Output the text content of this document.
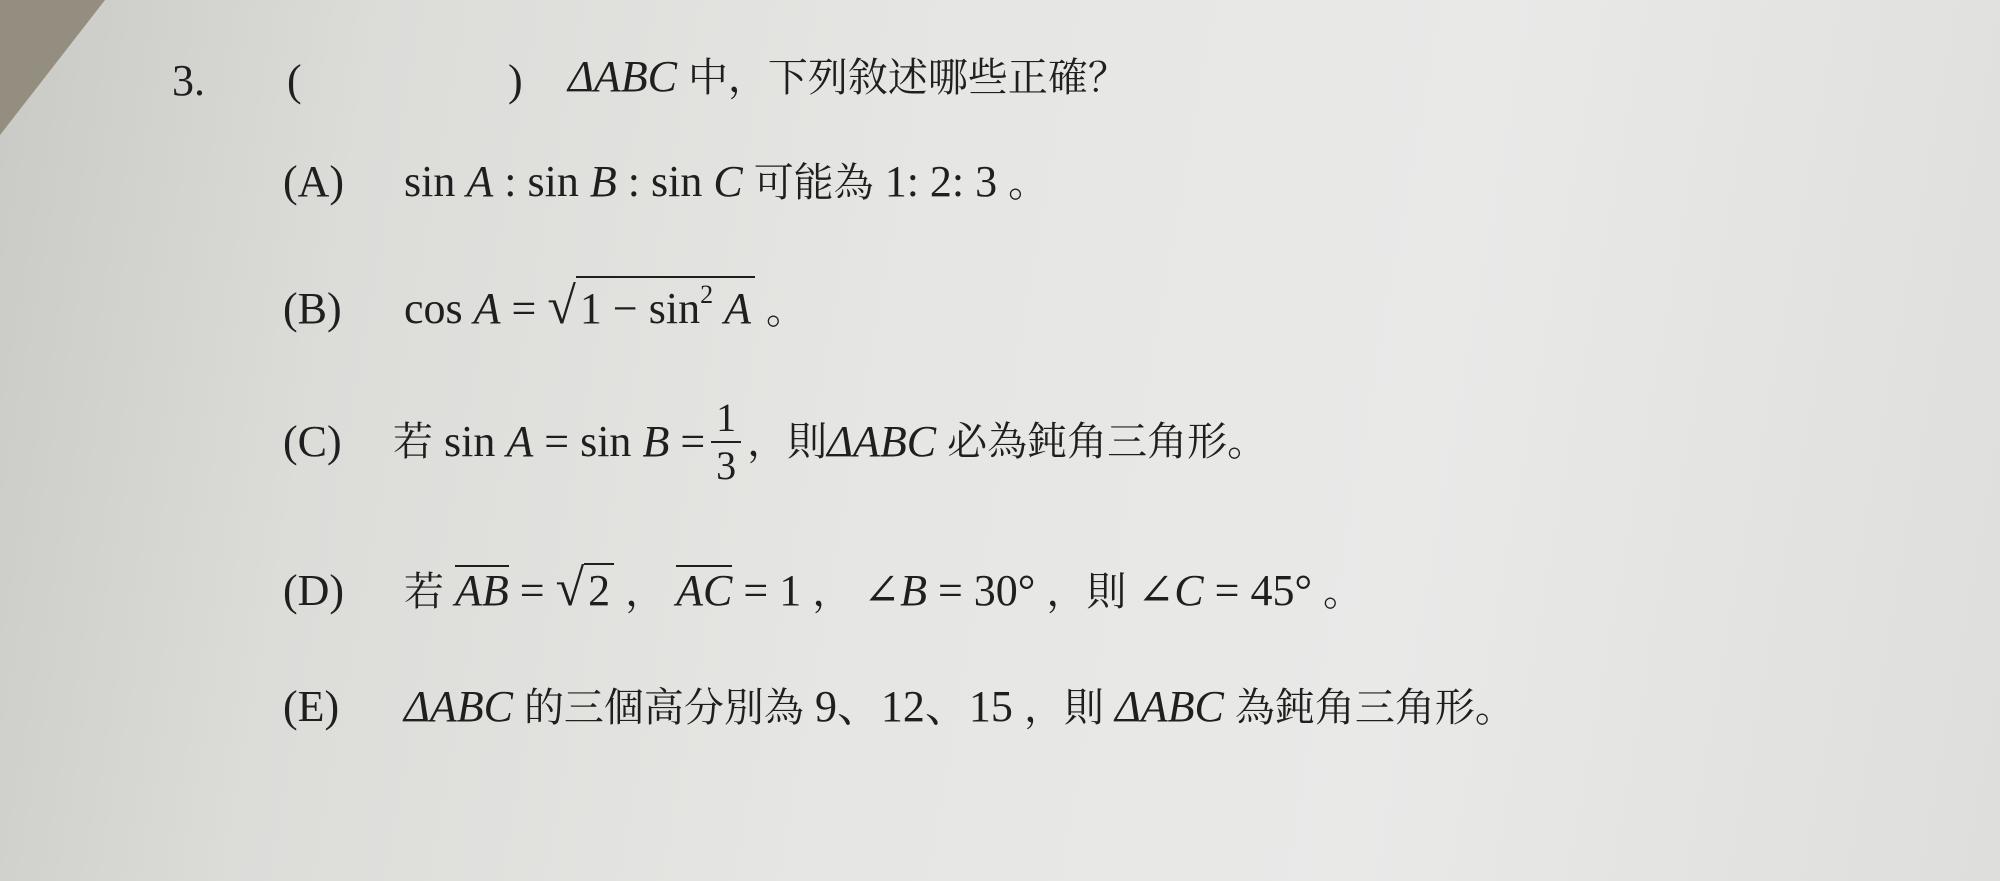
3. (	) ΔABC 中，下列敘述哪些正確？
(A) sin A : sin B : sin C 可能為 1: 2: 3 。
(B) $\cos A = √1 - \sin^2 A$ 。
(C)	若
sin
A
=
sin
B
= $\frac{1}{3}$ ，則 ΔABC
必為鈍角三角形。
(D) 若 AB = √2 ， AC = 1 ， ∠B = 30° ，則 ∠C = 45° 。
(E) ΔABC 的三個高分別為 9、12、15 ，則 ΔABC 為鈍角三角形。
